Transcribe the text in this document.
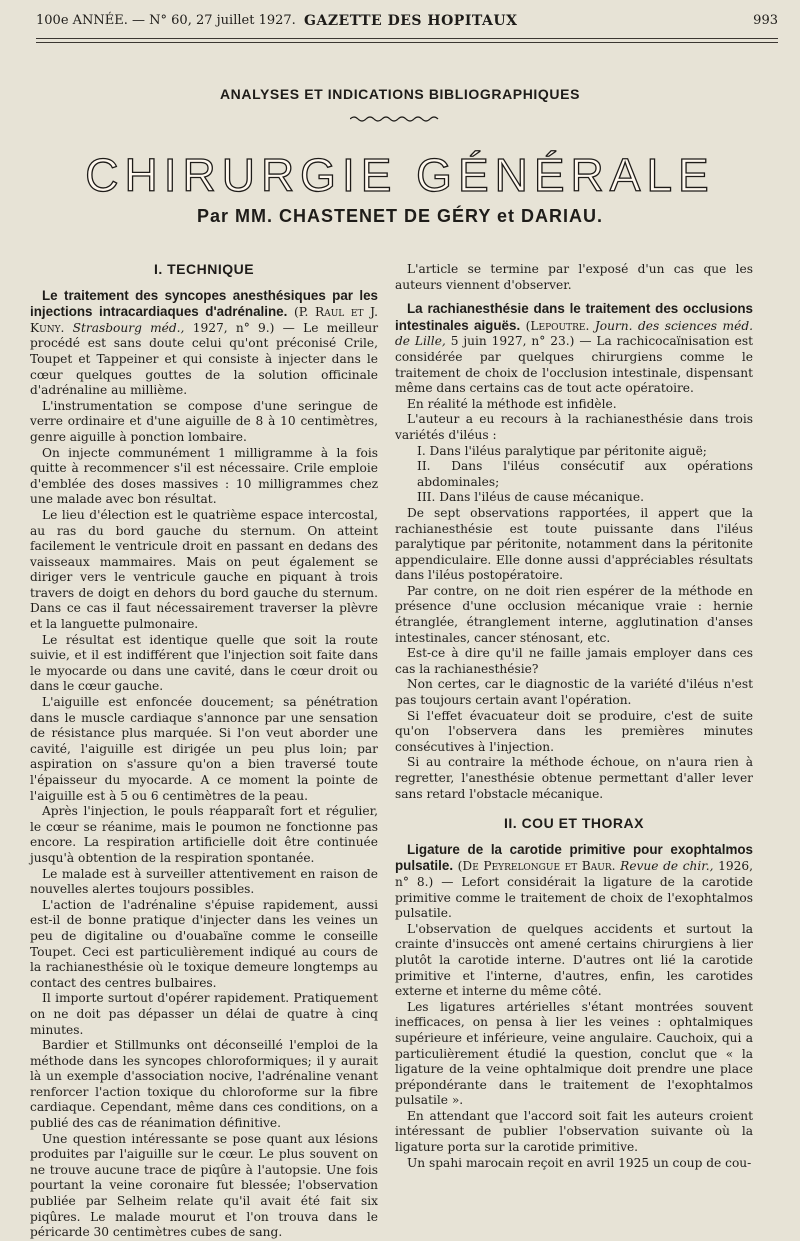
100e ANNÉE. — N° 60, 27 juillet 1927. GAZETTE DES HOPITAUX	993
ANALYSES ET INDICATIONS BIBLIOGRAPHIQUES
CHIRURGIE GÉNÉRALE
Par MM. CHASTENET DE GÉRY et DARIAU.
I. TECHNIQUE

Le traitement des syncopes anesthésiques par les injections intracardiaques d'adrénaline. (P. Raul et J. Kuny. Strasbourg méd., 1927, n° 9.) — Le meilleur procédé est sans doute celui qu'ont préconisé Crile, Toupet et Tappeiner et qui consiste à injecter dans le cœur quelques gouttes de la solution officinale d'adrénaline au millième.

L'instrumentation se compose d'une seringue de verre ordinaire et d'une aiguille de 8 à 10 centimètres, genre aiguille à ponction lombaire.

On injecte communément 1 milligramme à la fois quitte à recommencer s'il est nécessaire. Crile emploie d'emblée des doses massives : 10 milligrammes chez une malade avec bon résultat.

Le lieu d'élection est le quatrième espace intercostal, au ras du bord gauche du sternum. On atteint facilement le ventricule droit en passant en dedans des vaisseaux mammaires. Mais on peut également se diriger vers le ventricule gauche en piquant à trois travers de doigt en dehors du bord gauche du sternum. Dans ce cas il faut nécessairement traverser la plèvre et la languette pulmonaire.

Le résultat est identique quelle que soit la route suivie, et il est indifférent que l'injection soit faite dans le myocarde ou dans une cavité, dans le cœur droit ou dans le cœur gauche.

L'aiguille est enfoncée doucement; sa pénétration dans le muscle cardiaque s'annonce par une sensation de résistance plus marquée. Si l'on veut aborder une cavité, l'aiguille est dirigée un peu plus loin; par aspiration on s'assure qu'on a bien traversé toute l'épaisseur du myocarde. A ce moment la pointe de l'aiguille est à 5 ou 6 centimètres de la peau.

Après l'injection, le pouls réapparaît fort et régulier, le cœur se réanime, mais le poumon ne fonctionne pas encore. La respiration artificielle doit être continuée jusqu'à obtention de la respiration spontanée.

Le malade est à surveiller attentivement en raison de nouvelles alertes toujours possibles.

L'action de l'adrénaline s'épuise rapidement, aussi est-il de bonne pratique d'injecter dans les veines un peu de digitaline ou d'ouabaïne comme le conseille Toupet. Ceci est particulièrement indiqué au cours de la rachianesthésie où le toxique demeure longtemps au contact des centres bulbaires.

Il importe surtout d'opérer rapidement. Pratiquement on ne doit pas dépasser un délai de quatre à cinq minutes.

Bardier et Stillmunks ont déconseillé l'emploi de la méthode dans les syncopes chloroformiques; il y aurait là un exemple d'association nocive, l'adrénaline venant renforcer l'action toxique du chloroforme sur la fibre cardiaque. Cependant, même dans ces conditions, on a publié des cas de réanimation définitive.

Une question intéressante se pose quant aux lésions produites par l'aiguille sur le cœur. Le plus souvent on ne trouve aucune trace de piqûre à l'autopsie. Une fois pourtant la veine coronaire fut blessée; l'observation publiée par Selheim relate qu'il avait été fait six piqûres. Le malade mourut et l'on trouva dans le péricarde 30 centimètres cubes de sang.

L'article se termine par l'exposé d'un cas que les auteurs viennent d'observer.

La rachianesthésie dans le traitement des occlusions intestinales aiguës. (Lepoutre. Journ. des sciences méd. de Lille, 5 juin 1927, n° 23.) — La rachicocaïnisation est considérée par quelques chirurgiens comme le traitement de choix de l'occlusion intestinale, dispensant même dans certains cas de tout acte opératoire.

En réalité la méthode est infidèle.

L'auteur a eu recours à la rachianesthésie dans trois variétés d'iléus :

I. Dans l'iléus paralytique par péritonite aiguë;

II. Dans l'iléus consécutif aux opérations abdominales;

III. Dans l'iléus de cause mécanique.

De sept observations rapportées, il appert que la rachianesthésie est toute puissante dans l'iléus paralytique par péritonite, notamment dans la péritonite appendiculaire. Elle donne aussi d'appréciables résultats dans l'iléus postopératoire.

Par contre, on ne doit rien espérer de la méthode en présence d'une occlusion mécanique vraie : hernie étranglée, étranglement interne, agglutination d'anses intestinales, cancer sténosant, etc.

Est-ce à dire qu'il ne faille jamais employer dans ces cas la rachianesthésie?

Non certes, car le diagnostic de la variété d'iléus n'est pas toujours certain avant l'opération.

Si l'effet évacuateur doit se produire, c'est de suite qu'on l'observera dans les premières minutes consécutives à l'injection.

Si au contraire la méthode échoue, on n'aura rien à regretter, l'anesthésie obtenue permettant d'aller lever sans retard l'obstacle mécanique.

II. COU ET THORAX

Ligature de la carotide primitive pour exophtalmos pulsatile. (De Peyrelongue et Baur. Revue de chir., 1926, n° 8.) — Lefort considérait la ligature de la carotide primitive comme le traitement de choix de l'exophtalmos pulsatile.

L'observation de quelques accidents et surtout la crainte d'insuccès ont amené certains chirurgiens à lier plutôt la carotide interne. D'autres ont lié la carotide primitive et l'interne, d'autres, enfin, les carotides externe et interne du même côté.

Les ligatures artérielles s'étant montrées souvent inefficaces, on pensa à lier les veines : ophtalmiques supérieure et inférieure, veine angulaire. Cauchoix, qui a particulièrement étudié la question, conclut que « la ligature de la veine ophtalmique doit prendre une place prépondérante dans le traitement de l'exophtalmos pulsatile ».

En attendant que l'accord soit fait les auteurs croient intéressant de publier l'observation suivante où la ligature porta sur la carotide primitive.

Un spahi marocain reçoit en avril 1925 un coup de cou-
